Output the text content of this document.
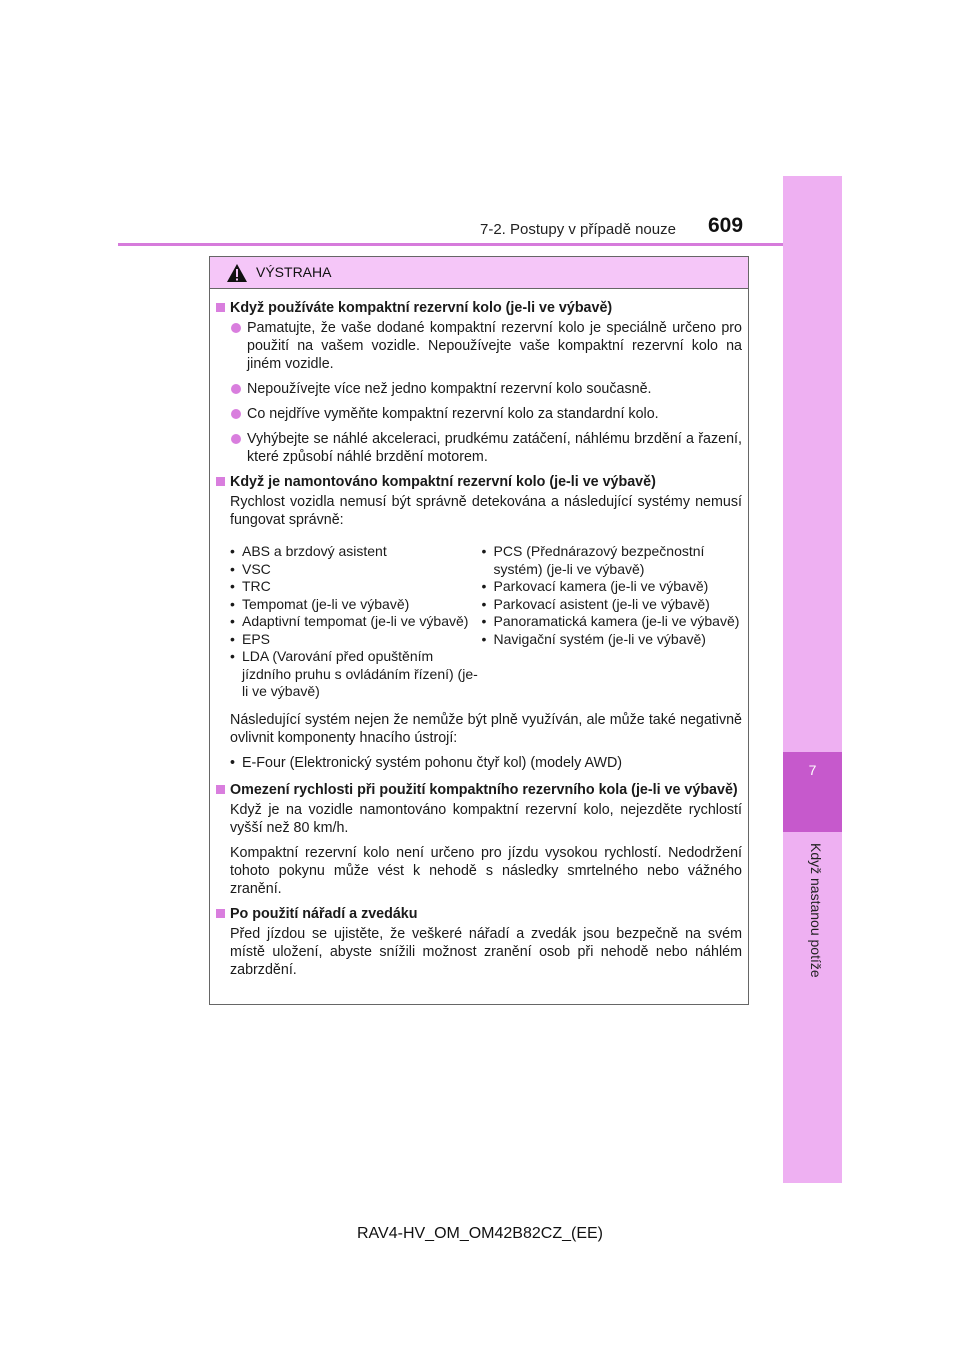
7
Když nastanou potíže
7-2. Postupy v případě nouze	609
VÝSTRAHA
Když používáte kompaktní rezervní kolo (je-li ve výbavě)
Pamatujte, že vaše dodané kompaktní rezervní kolo je speciálně určeno pro použití na vašem vozidle. Nepoužívejte vaše kompaktní rezervní kolo na jiném vozidle.
Nepoužívejte více než jedno kompaktní rezervní kolo současně.
Co nejdříve vyměňte kompaktní rezervní kolo za standardní kolo.
Vyhýbejte se náhlé akceleraci, prudkému zatáčení, náhlému brzdění a řazení, které způsobí náhlé brzdění motorem.
Když je namontováno kompaktní rezervní kolo (je-li ve výbavě)
Rychlost vozidla nemusí být správně detekována a následující systémy nemusí fungovat správně:
• ABS a brzdový asistent
• VSC
• TRC
• Tempomat (je-li ve výbavě)
• Adaptivní tempomat (je-li ve výbavě)
• EPS
• LDA (Varování před opuštěním jízdního pruhu s ovládáním řízení) (je-li ve výbavě)
• PCS (Přednárazový bezpečnostní systém) (je-li ve výbavě)
• Parkovací kamera (je-li ve výbavě)
• Parkovací asistent (je-li ve výbavě)
• Panoramatická kamera (je-li ve výbavě)
• Navigační systém (je-li ve výbavě)
Následující systém nejen že nemůže být plně využíván, ale může také negativně ovlivnit komponenty hnacího ústrojí:
• E-Four (Elektronický systém pohonu čtyř kol) (modely AWD)
Omezení rychlosti při použití kompaktního rezervního kola (je-li ve výbavě)
Když je na vozidle namontováno kompaktní rezervní kolo, nejezděte rychlostí vyšší než 80 km/h.
Kompaktní rezervní kolo není určeno pro jízdu vysokou rychlostí. Nedodržení tohoto pokynu může vést k nehodě s následky smrtelného nebo vážného zranění.
Po použití nářadí a zvedáku
Před jízdou se ujistěte, že veškeré nářadí a zvedák jsou bezpečně na svém místě uložení, abyste snížili možnost zranění osob při nehodě nebo náhlém zabrzdění.
RAV4-HV_OM_OM42B82CZ_(EE)
